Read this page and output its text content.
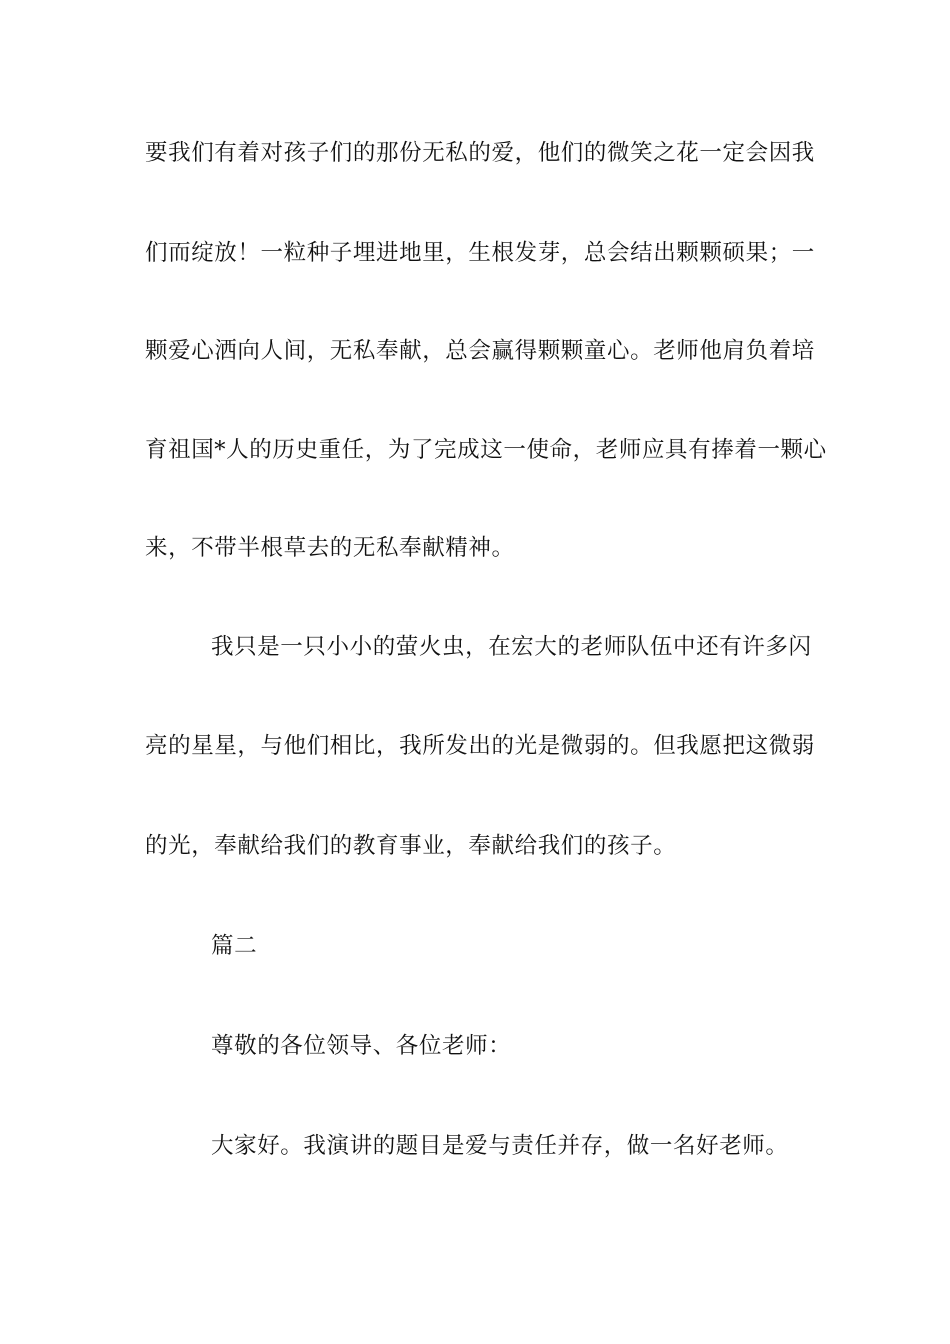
要我们有着对孩子们的那份无私的爱，他们的微笑之花一定会因我
们而绽放！一粒种子埋进地里，生根发芽，总会结出颗颗硕果；一
颗爱心洒向人间，无私奉献，总会赢得颗颗童心。老师他肩负着培
育祖国*人的历史重任，为了完成这一使命，老师应具有捧着一颗心
来，不带半根草去的无私奉献精神。
我只是一只小小的萤火虫，在宏大的老师队伍中还有许多闪
亮的星星，与他们相比，我所发出的光是微弱的。但我愿把这微弱
的光，奉献给我们的教育事业，奉献给我们的孩子。
篇二
尊敬的各位领导、各位老师：
大家好。我演讲的题目是爱与责任并存，做一名好老师。
